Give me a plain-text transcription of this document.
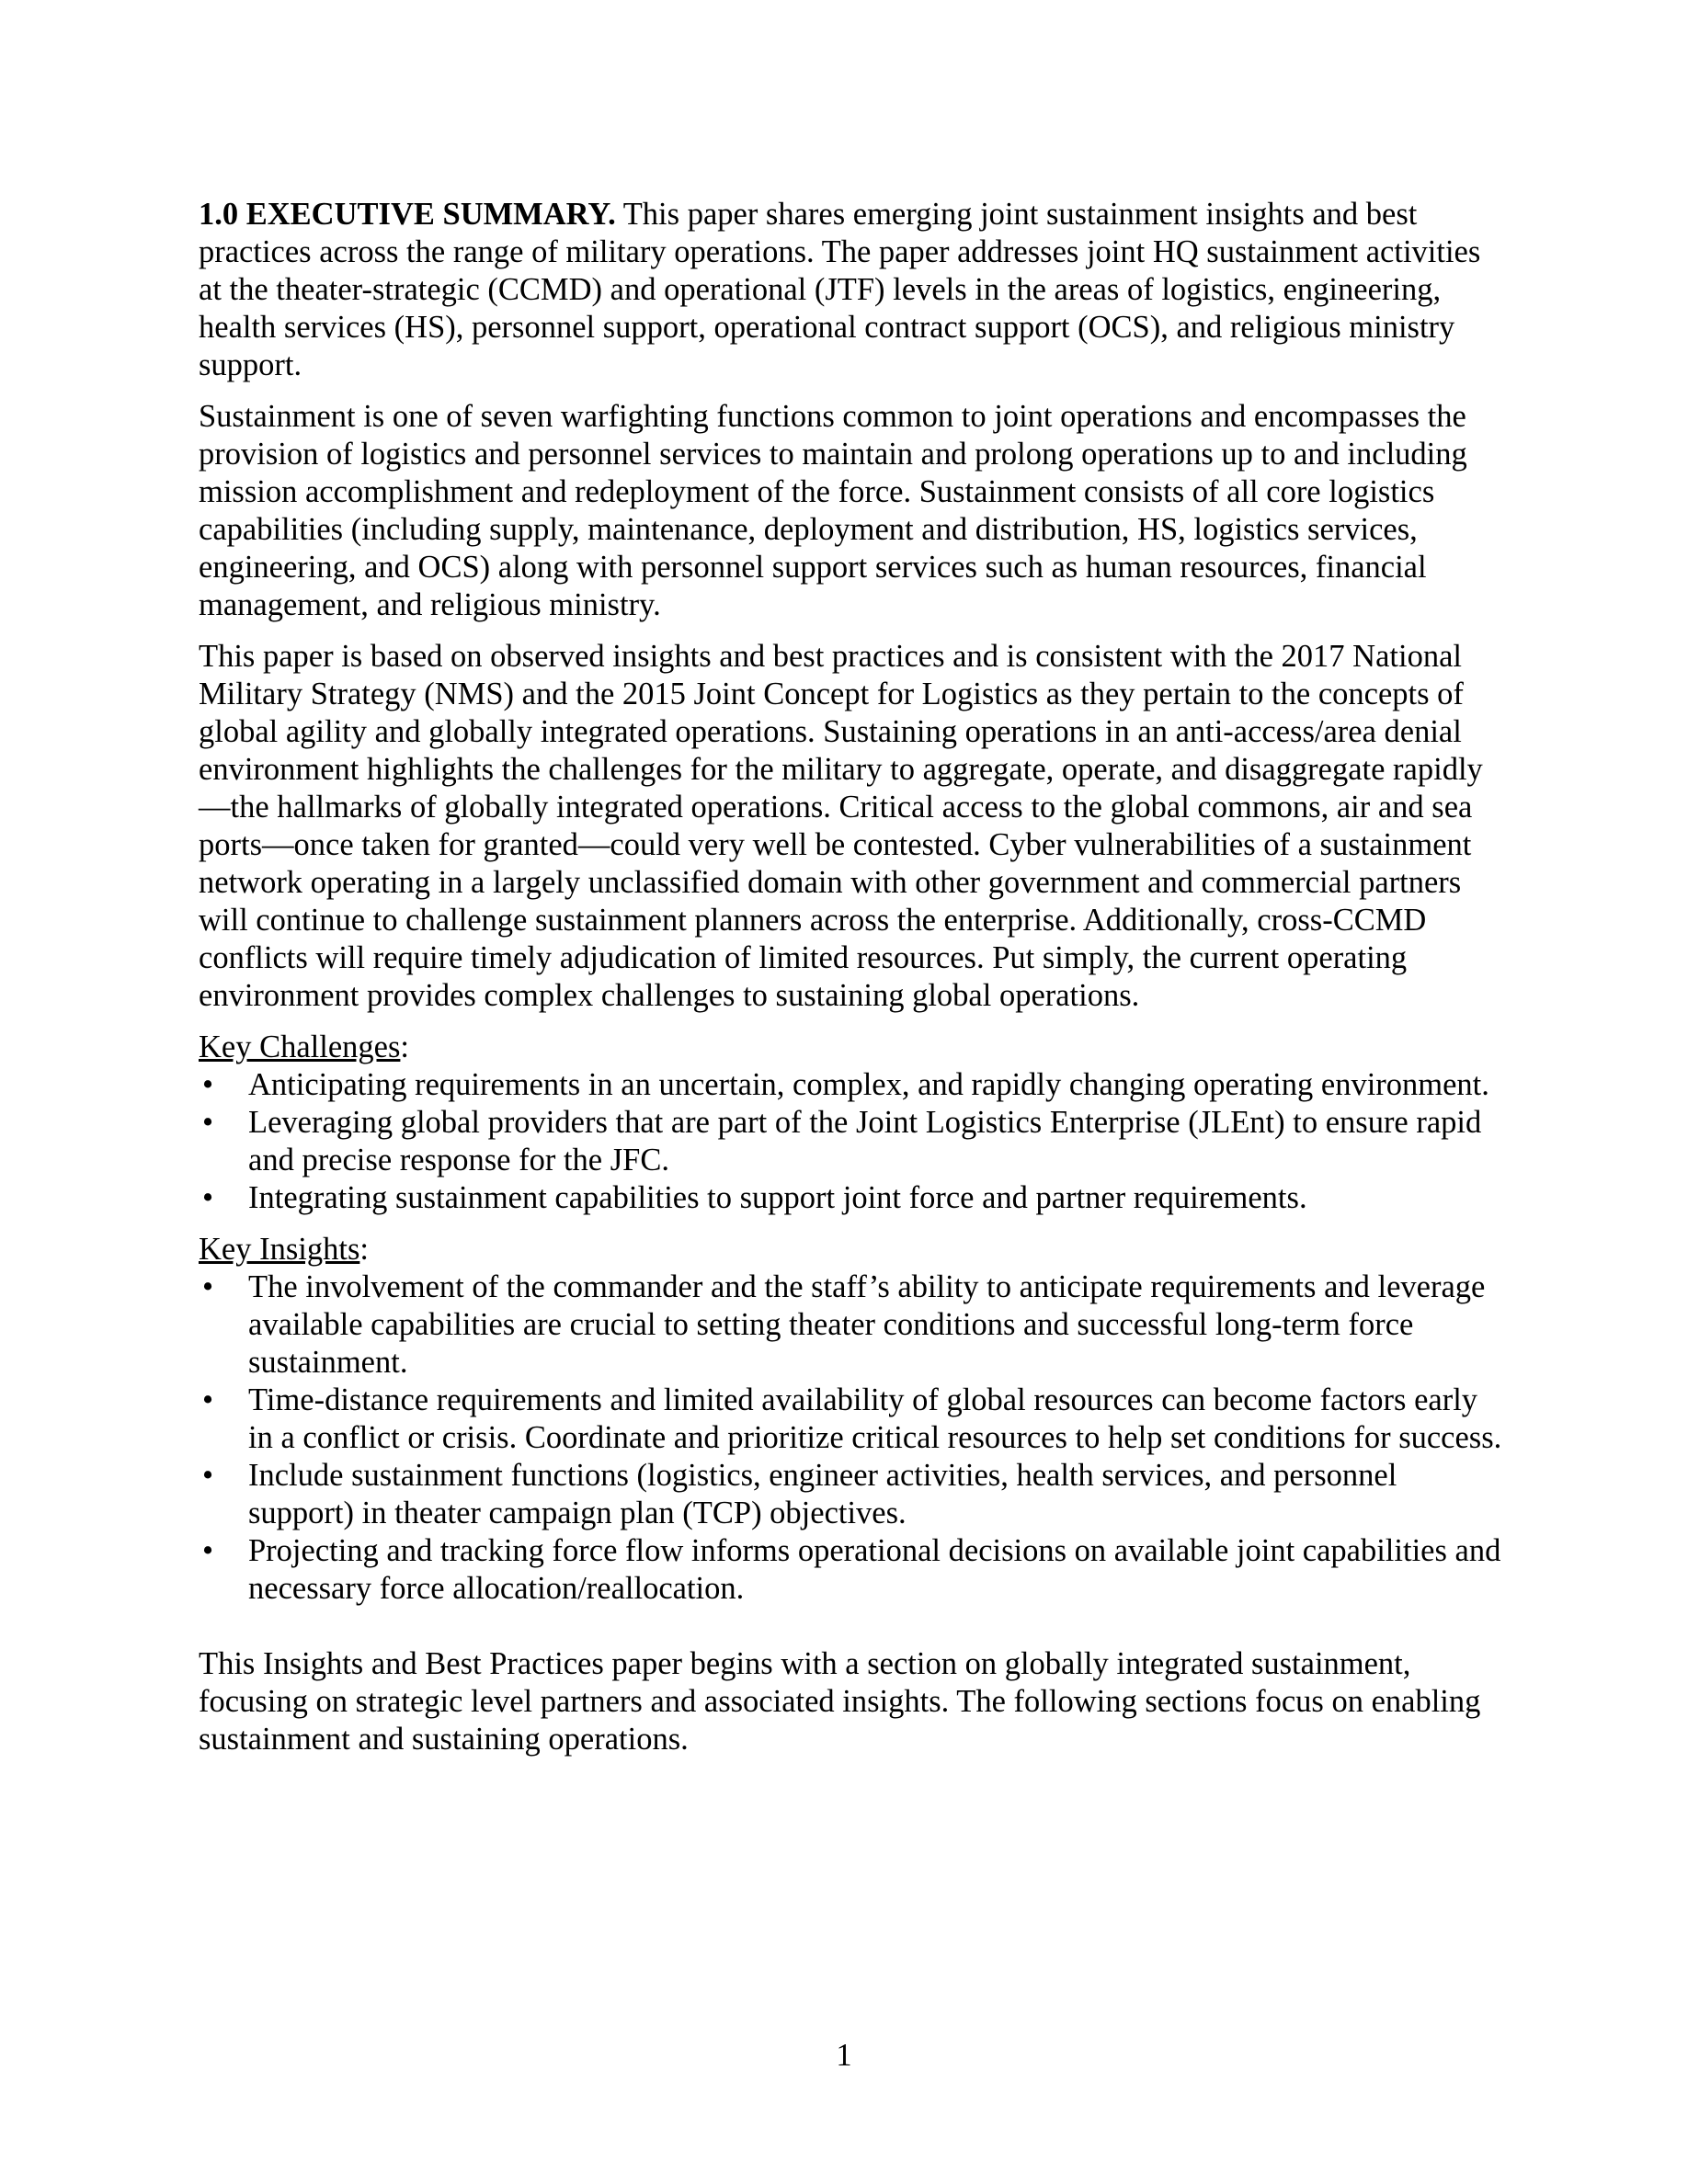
1.0 EXECUTIVE SUMMARY. This paper shares emerging joint sustainment insights and best practices across the range of military operations. The paper addresses joint HQ sustainment activities at the theater-strategic (CCMD) and operational (JTF) levels in the areas of logistics, engineering, health services (HS), personnel support, operational contract support (OCS), and religious ministry support.

Sustainment is one of seven warfighting functions common to joint operations and encompasses the provision of logistics and personnel services to maintain and prolong operations up to and including mission accomplishment and redeployment of the force. Sustainment consists of all core logistics capabilities (including supply, maintenance, deployment and distribution, HS, logistics services, engineering, and OCS) along with personnel support services such as human resources, financial management, and religious ministry.

This paper is based on observed insights and best practices and is consistent with the 2017 National Military Strategy (NMS) and the 2015 Joint Concept for Logistics as they pertain to the concepts of global agility and globally integrated operations. Sustaining operations in an anti-access/area denial environment highlights the challenges for the military to aggregate, operate, and disaggregate rapidly—the hallmarks of globally integrated operations. Critical access to the global commons, air and sea ports—once taken for granted—could very well be contested. Cyber vulnerabilities of a sustainment network operating in a largely unclassified domain with other government and commercial partners will continue to challenge sustainment planners across the enterprise. Additionally, cross-CCMD conflicts will require timely adjudication of limited resources. Put simply, the current operating environment provides complex challenges to sustaining global operations.

Key Challenges:
• Anticipating requirements in an uncertain, complex, and rapidly changing operating environment.
• Leveraging global providers that are part of the Joint Logistics Enterprise (JLEnt) to ensure rapid and precise response for the JFC.
• Integrating sustainment capabilities to support joint force and partner requirements.
Key Insights:
• The involvement of the commander and the staff’s ability to anticipate requirements and leverage available capabilities are crucial to setting theater conditions and successful long-term force sustainment.
• Time-distance requirements and limited availability of global resources can become factors early in a conflict or crisis. Coordinate and prioritize critical resources to help set conditions for success.
• Include sustainment functions (logistics, engineer activities, health services, and personnel support) in theater campaign plan (TCP) objectives.
• Projecting and tracking force flow informs operational decisions on available joint capabilities and necessary force allocation/reallocation.

This Insights and Best Practices paper begins with a section on globally integrated sustainment, focusing on strategic level partners and associated insights. The following sections focus on enabling sustainment and sustaining operations.

1
